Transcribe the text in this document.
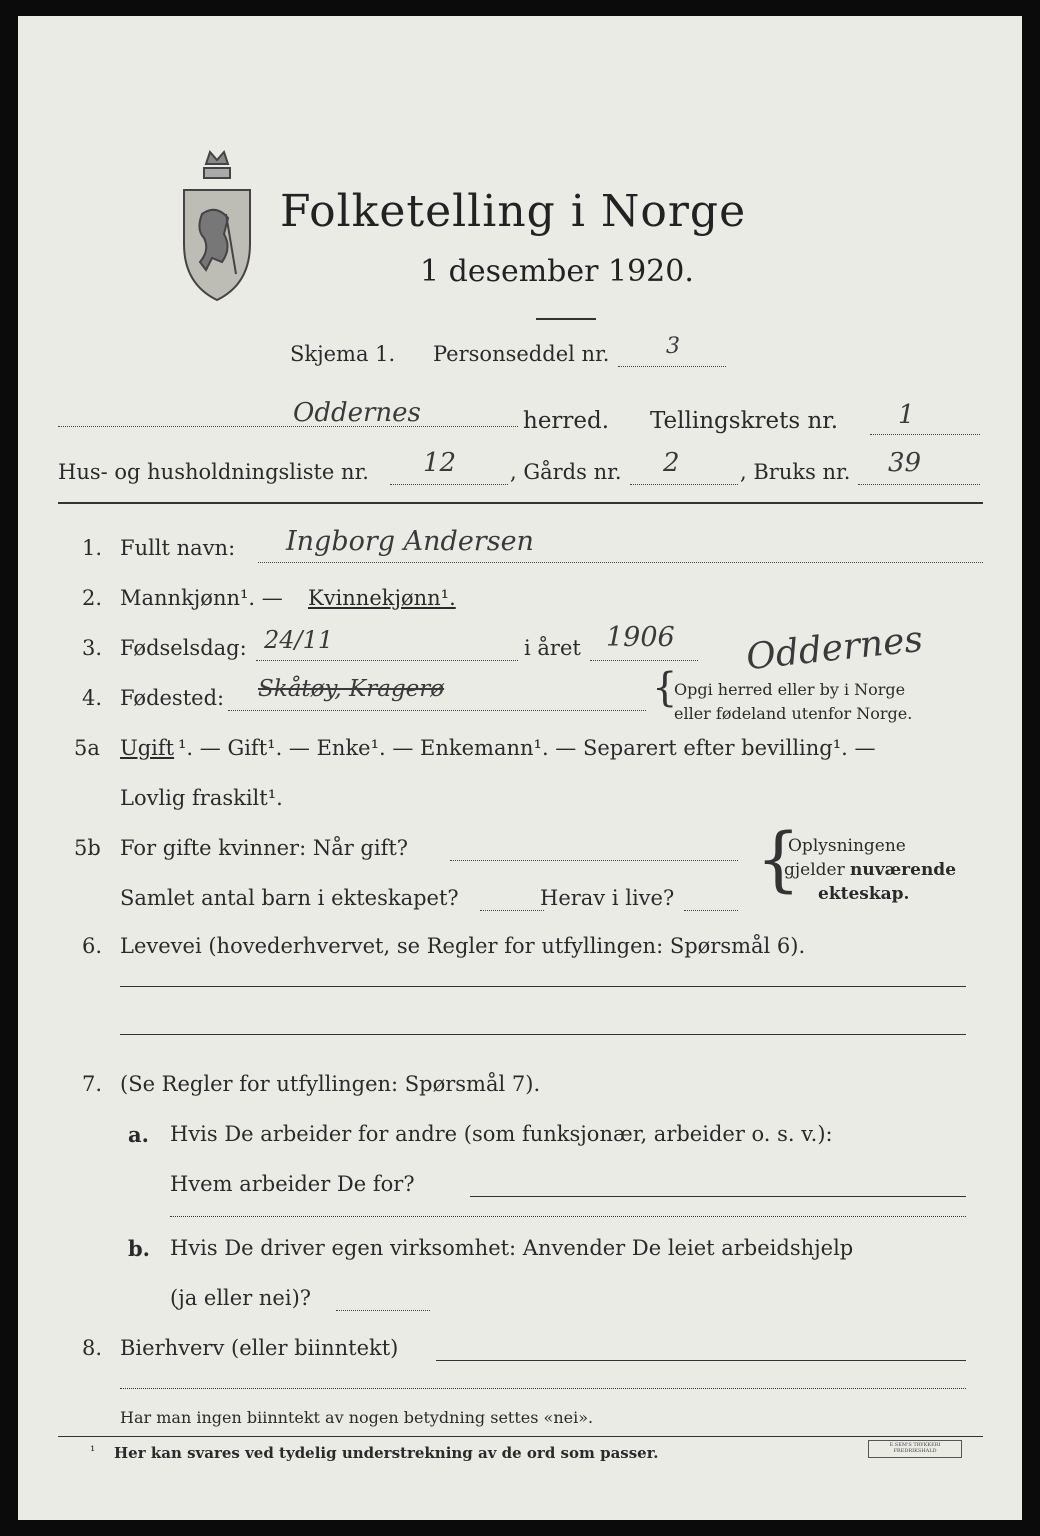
Folketelling i Norge
1 desember 1920.
Skjema 1. Personseddel nr.	3
Oddernes	herred. Tellingskrets nr. 1
Hus- og husholdningsliste nr. 12	, Gårds nr. 2	, Bruks nr. 39
1. Fullt navn: Ingborg Andersen
2. Mannkjønn¹. — Kvinnekjønn¹.
3. Fødselsdag: 24/11	i året 1906 Oddernes
4. Fødested: Skåtøy, Kragerø	{
Opgi herred eller by i Norge
eller fødeland utenfor Norge.
5a Ugift ¹. — Gift¹. — Enke¹. — Enkemann¹. — Separert efter bevilling¹. —
Lovlig fraskilt¹.
5b For gifte kvinner: Når gift?
Samlet antal barn i ekteskapet?	Herav i live? {
Oplysningene
gjelder nuværende
ekteskap.
6. Levevei (hovederhvervet, se Regler for utfyllingen: Spørsmål 6).
7. (Se Regler for utfyllingen: Spørsmål 7).
a. Hvis De arbeider for andre (som funksjonær, arbeider o. s. v.):
Hvem arbeider De for?
b. Hvis De driver egen virksomhet: Anvender De leiet arbeidshjelp
(ja eller nei)?
8. Bierhverv (eller biinntekt)
Har man ingen biinntekt av nogen betydning settes «nei».
¹ Her kan svares ved tydelig understrekning av de ord som passer.	E.SEM'S TRYKKERI FREDRIKSHALD
